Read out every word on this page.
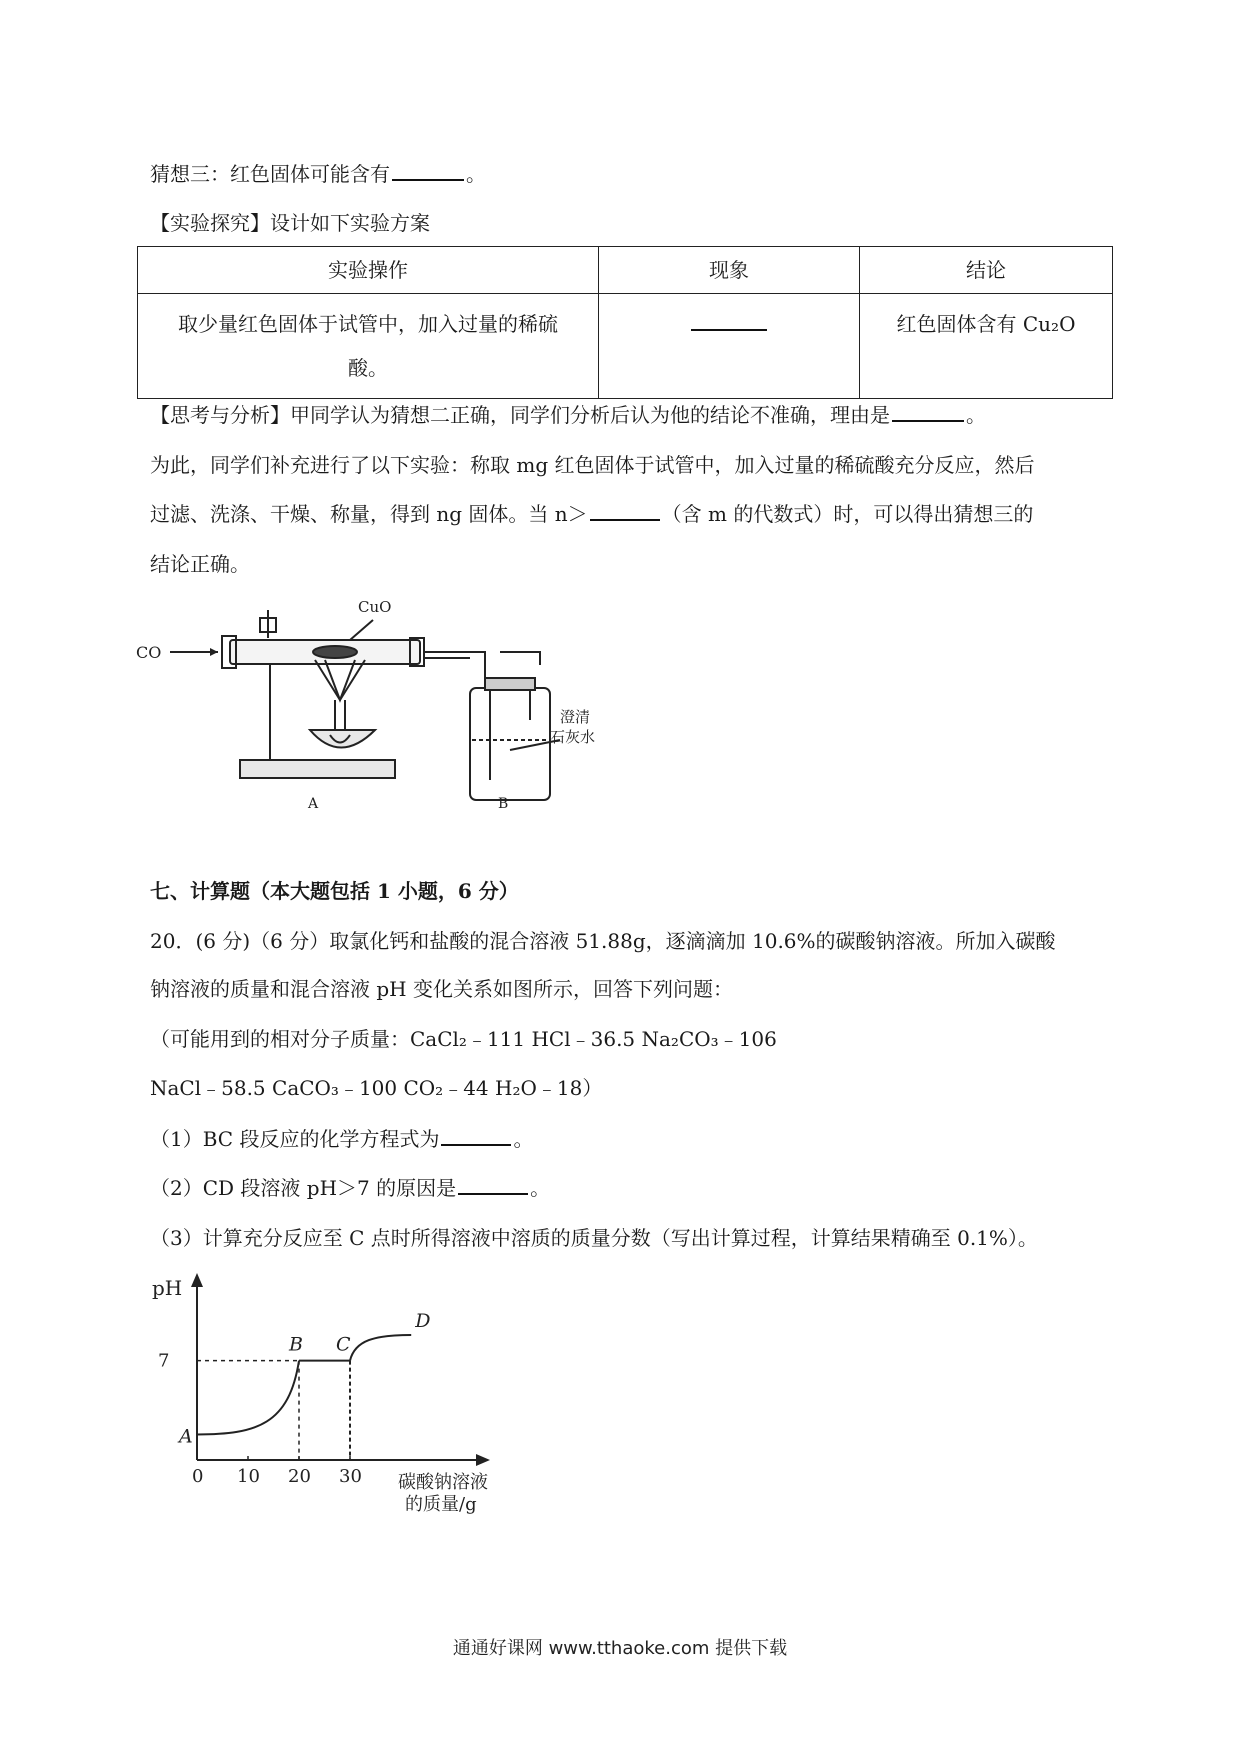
猜想三：红色固体可能含有	。
【实验探究】设计如下实验方案
实验操作	现象	结论

取少量红色固体于试管中，加入过量的稀硫
酸。		红色固体含有 Cu₂O
【思考与分析】甲同学认为猜想二正确，同学们分析后认为他的结论不准确，理由是	。
为此，同学们补充进行了以下实验：称取 mg 红色固体于试管中，加入过量的稀硫酸充分反应，然后
过滤、洗涤、干燥、称量，得到 ng 固体。当 n＞	（含 m 的代数式）时，可以得出猜想三的
结论正确。
CO
CuO
澄清
石灰水
A	B
七、计算题（本大题包括 1 小题，6 分）
20．(6 分)（6 分）取氯化钙和盐酸的混合溶液 51.88g，逐滴滴加 10.6%的碳酸钠溶液。所加入碳酸
钠溶液的质量和混合溶液 pH 变化关系如图所示，回答下列问题：
（可能用到的相对分子质量：CaCl₂﹣111 HCl﹣36.5 Na₂CO₃﹣106
NaCl﹣58.5 CaCO₃﹣100 CO₂﹣44 H₂O﹣18）
（1）BC 段反应的化学方程式为	。
（2）CD 段溶液 pH＞7 的原因是	。
（3）计算充分反应至 C 点时所得溶液中溶质的质量分数（写出计算过程，计算结果精确至 0.1%）。
pH
碳酸钠溶液
的质量/g
0 10 20 30
7
A
B C
D
通通好课网 www.tthaoke.com 提供下载
